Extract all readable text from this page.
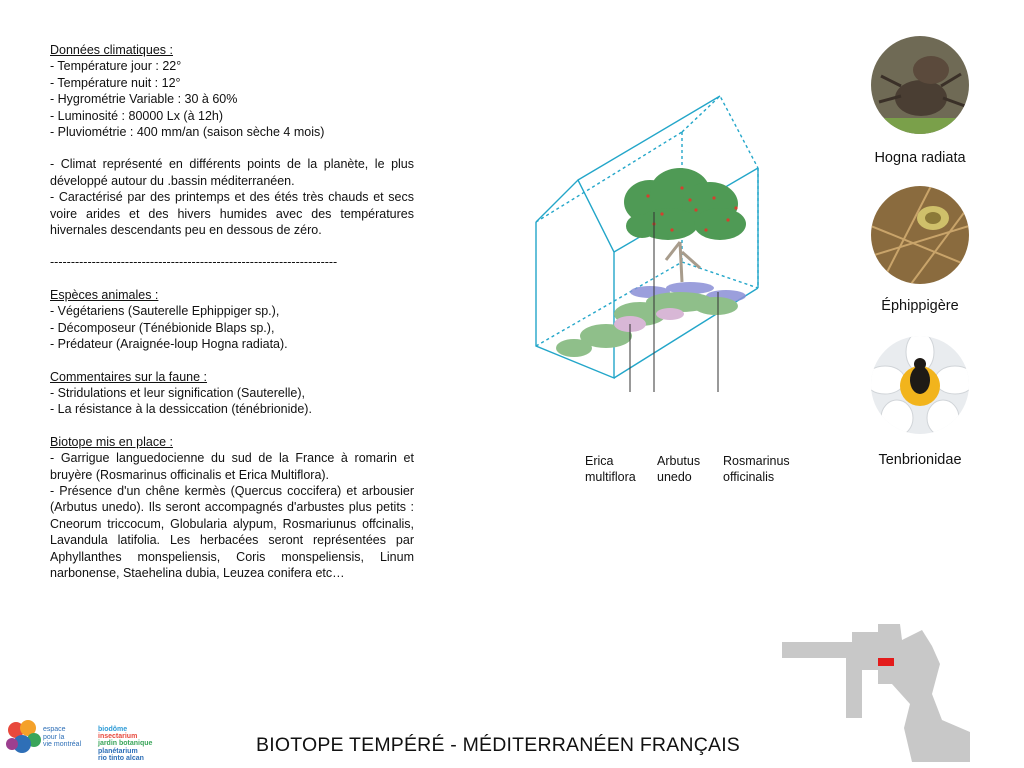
Données climatiques :

- Température jour : 22°

- Température nuit : 12°

- Hygrométrie Variable : 30 à 60%

- Luminosité : 80000 Lx (à 12h)

- Pluviométrie : 400 mm/an (saison sèche 4 mois)

- Climat représenté en différents points de la planète, le plus développé autour du .bassin méditerranéen.

- Caractérisé par des printemps et des étés très chauds et secs voire arides et des hivers humides avec des températures hivernales descendants peu en dessous de zéro.

---------------------------------------------------------------------

Espèces animales :

- Végétariens (Sauterelle Ephippiger sp.),

- Décomposeur (Ténébionide Blaps sp.),

- Prédateur (Araignée-loup Hogna radiata).

Commentaires sur la faune :

- Stridulations et leur signification (Sauterelle),

- La résistance à la dessiccation (ténébrionide).

Biotope mis en place :

- Garrigue languedocienne du sud de la France à romarin et bruyère (Rosmarinus officinalis et Erica Multiflora).

- Présence d'un chêne kermès (Quercus coccifera) et arbousier (Arbutus unedo). Ils seront accompagnés d'arbustes plus petits : Cneorum triccocum, Globularia alypum, Rosmariunus offcinalis, Lavandula latifolia. Les herbacées seront représentées par Aphyllanthes monspeliensis, Coris monspeliensis, Linum narbonense, Staehelina dubia, Leuzea conifera etc…

Erica
multiflora
Arbutus
unedo
Rosmarinus
officinalis
Hogna radiata
Éphippigère
Tenbrionidae
espace
pour la
vie montréal
biodôme
insectarium
jardin botanique
planétarium
rio tinto alcan
BIOTOPE TEMPÉRÉ - MÉDITERRANÉEN FRANÇAIS
